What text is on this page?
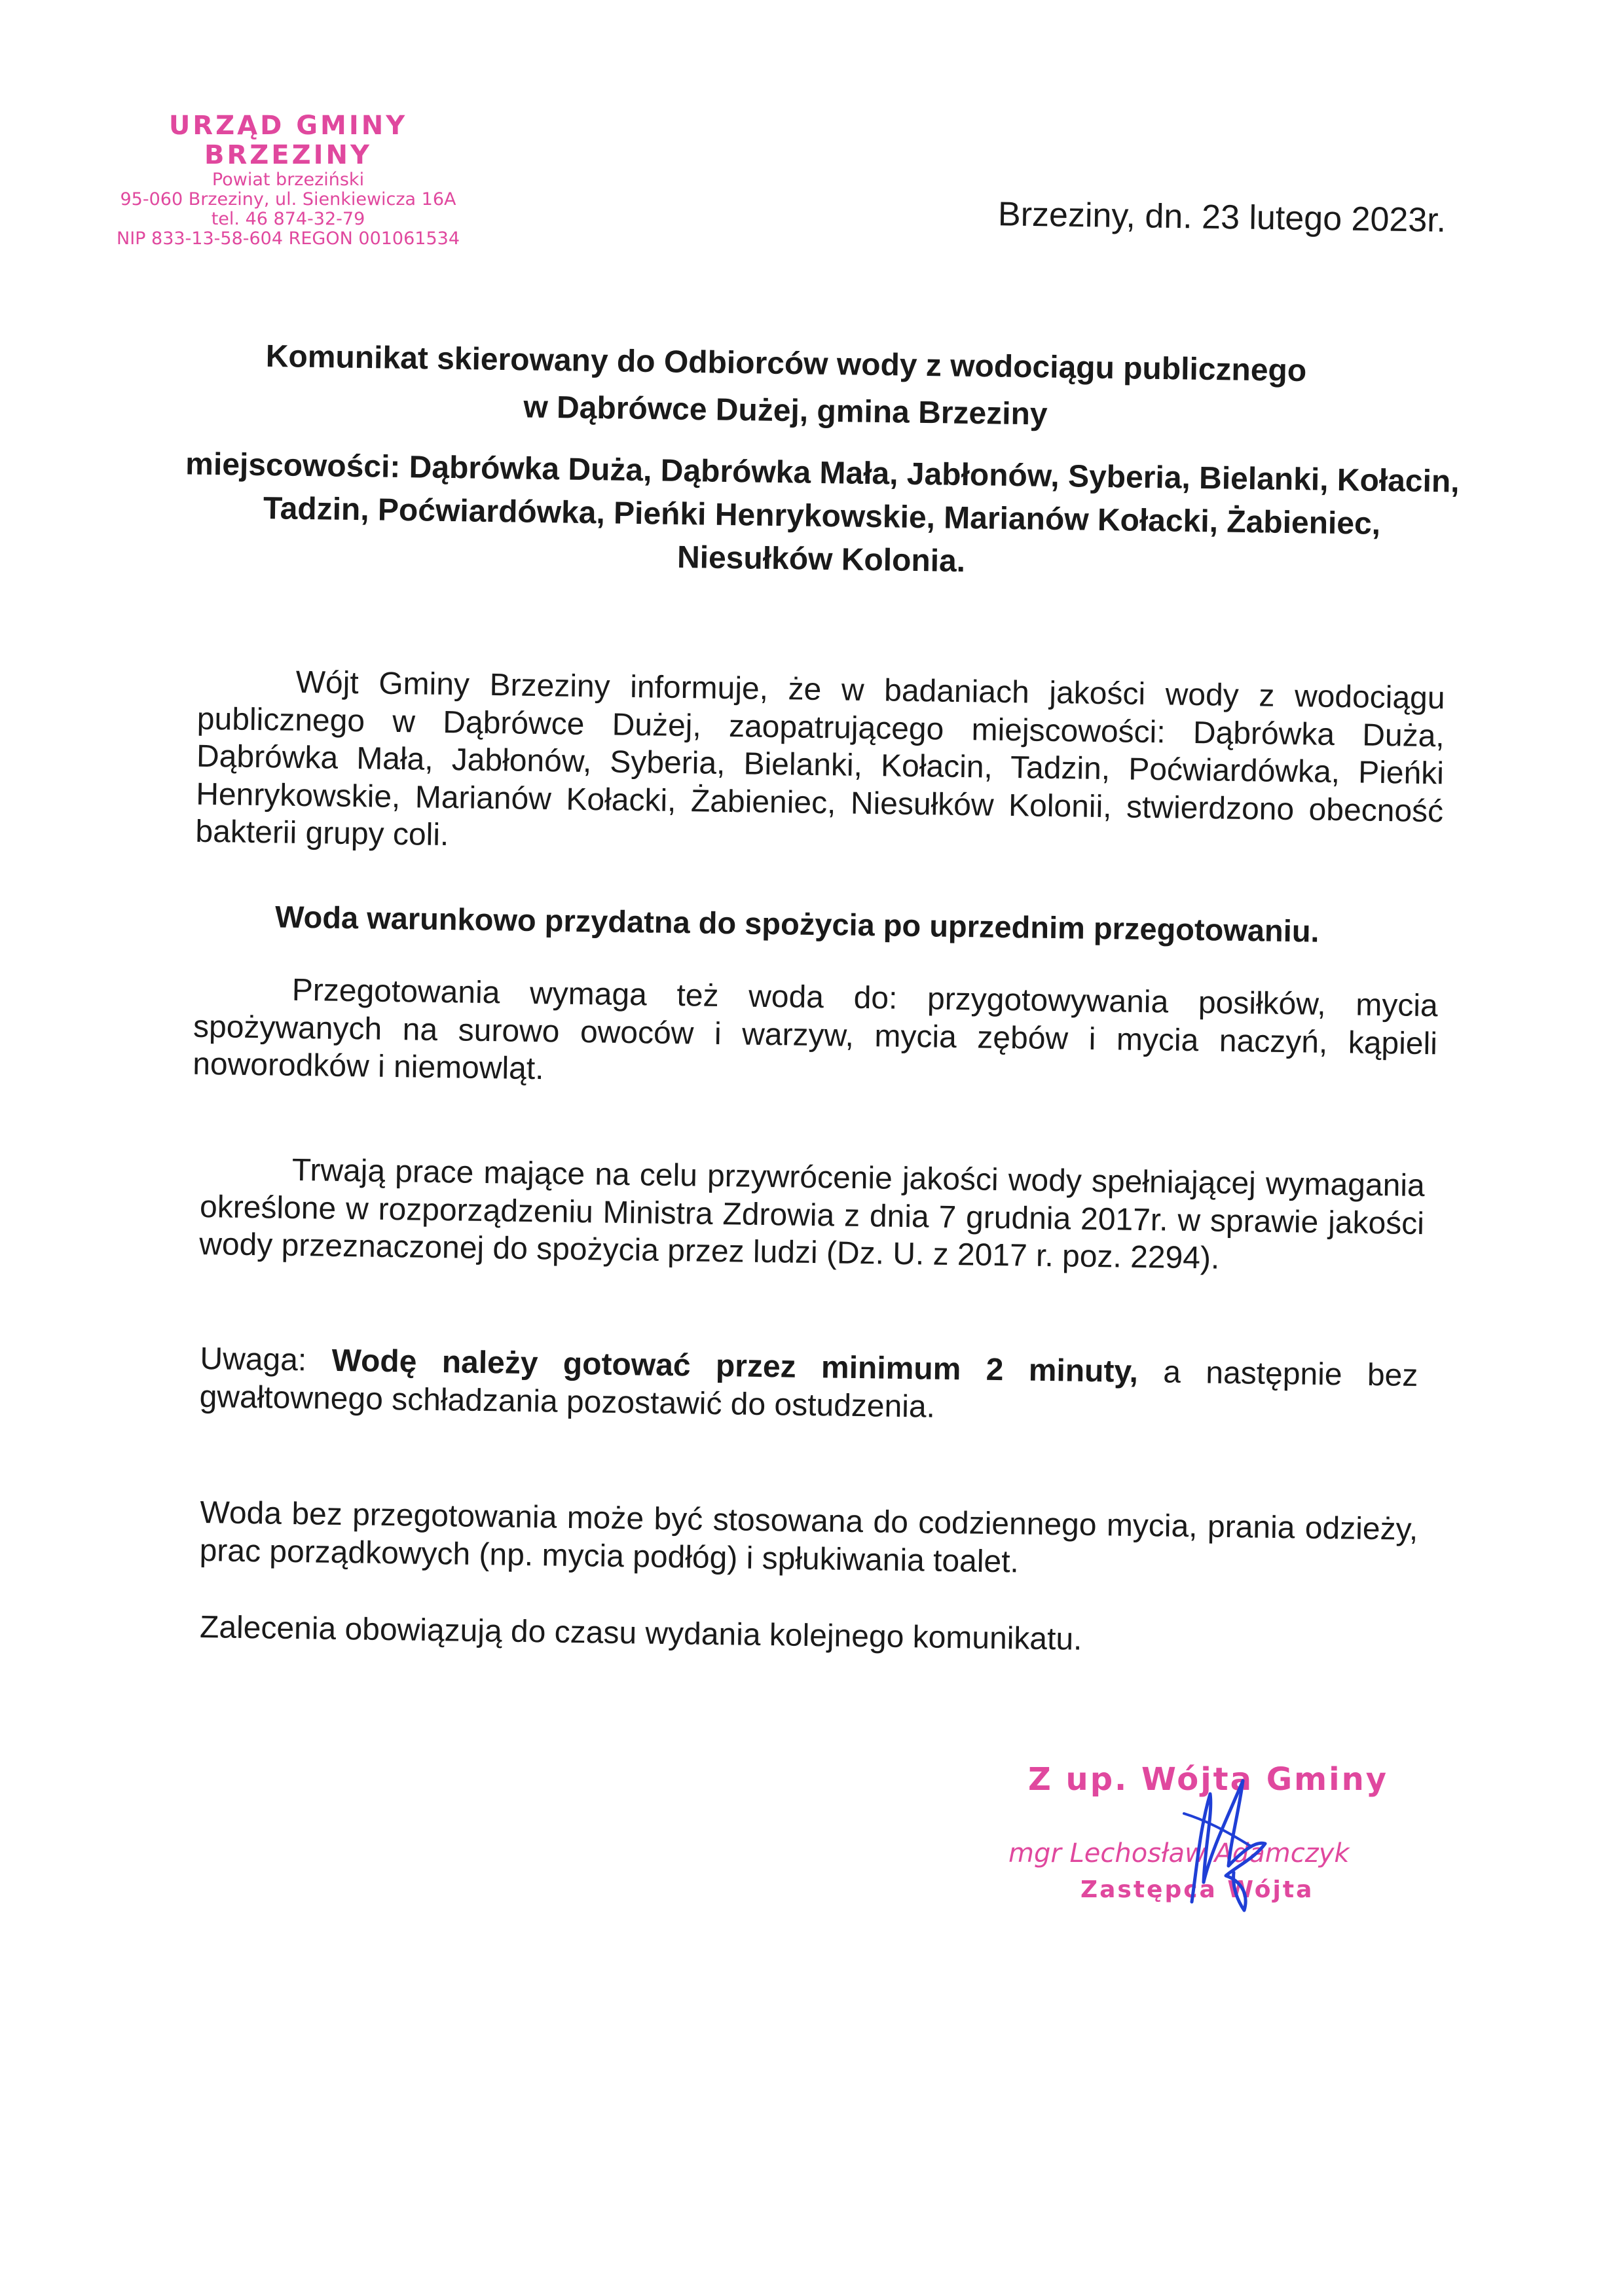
URZĄD GMINY BRZEZINY
Powiat brzeziński
95-060 Brzeziny, ul. Sienkiewicza 16A
tel. 46 874-32-79
NIP 833-13-58-604 REGON 001061534	Brzeziny, dn. 23 lutego 2023r.
Komunikat skierowany do Odbiorców wody z wodociągu publicznego
w Dąbrówce Dużej, gmina Brzeziny
miejscowości: Dąbrówka Duża, Dąbrówka Mała, Jabłonów, Syberia, Bielanki, Kołacin, Tadzin, Poćwiardówka, Pieńki Henrykowskie, Marianów Kołacki, Żabieniec, Niesułków Kolonia.
Wójt Gminy Brzeziny informuje, że w badaniach jakości wody z wodociągu publicznego w Dąbrówce Dużej, zaopatrującego miejscowości: Dąbrówka Duża, Dąbrówka Mała, Jabłonów, Syberia, Bielanki, Kołacin, Tadzin, Poćwiardówka, Pieńki Henrykowskie, Marianów Kołacki, Żabieniec, Niesułków Kolonii, stwierdzono obecność bakterii grupy coli.
Woda warunkowo przydatna do spożycia po uprzednim przegotowaniu.
Przegotowania wymaga też woda do: przygotowywania posiłków, mycia spożywanych na surowo owoców i warzyw, mycia zębów i mycia naczyń, kąpieli noworodków i niemowląt.
Trwają prace mające na celu przywrócenie jakości wody spełniającej wymagania określone w rozporządzeniu Ministra Zdrowia z dnia 7 grudnia 2017r. w sprawie jakości wody przeznaczonej do spożycia przez ludzi (Dz. U. z 2017 r. poz. 2294).
Uwaga: Wodę należy gotować przez minimum 2 minuty, a następnie bez gwałtownego schładzania pozostawić do ostudzenia.
Woda bez przegotowania może być stosowana do codziennego mycia, prania odzieży, prac porządkowych (np. mycia podłóg) i spłukiwania toalet.
Zalecenia obowiązują do czasu wydania kolejnego komunikatu.
Z up. Wójta Gminy
mgr Lechosław Adamczyk
Zastępca Wójta
